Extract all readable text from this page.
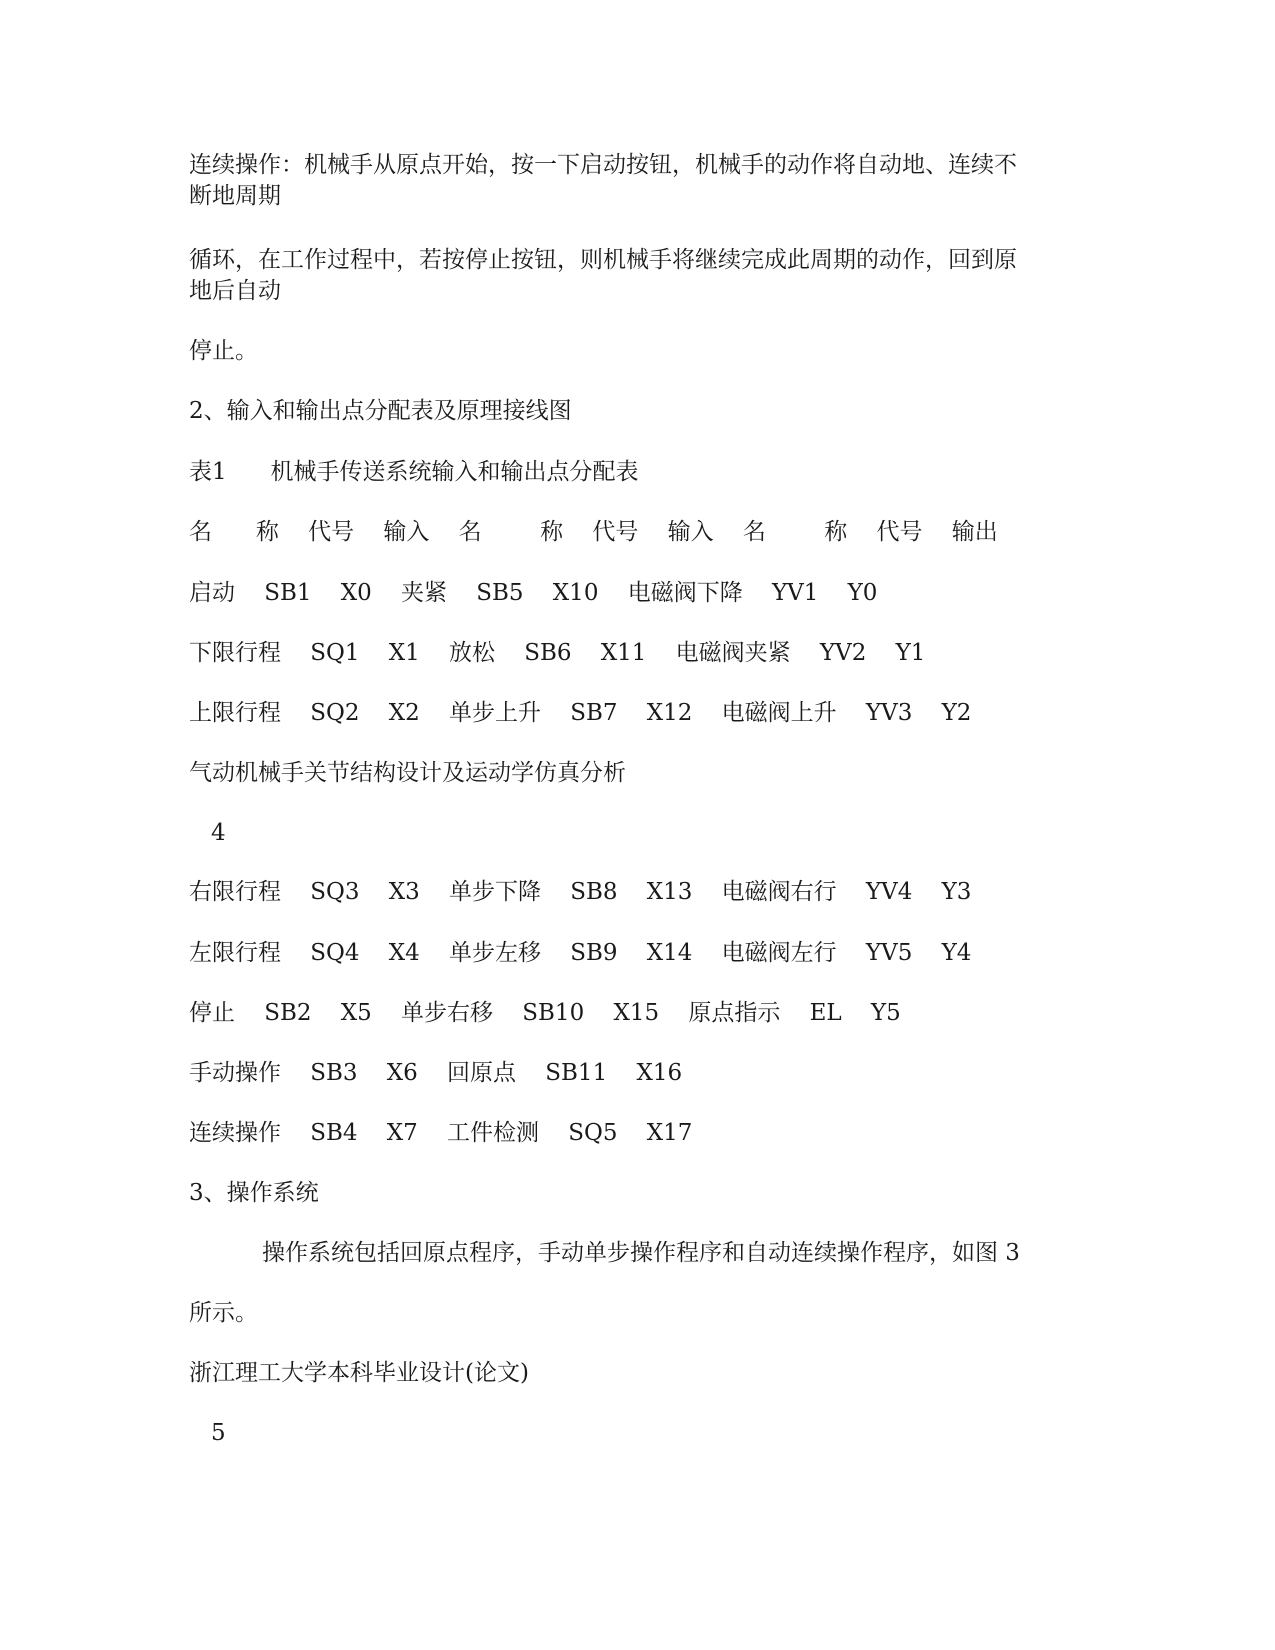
连续操作：机械手从原点开始，按一下启动按钮，机械手的动作将自动地、连续不
断地周期
循环，在工作过程中，若按停止按钮，则机械手将继续完成此周期的动作，回到原
地后自动
停止。
2、输入和输出点分配表及原理接线图
表1      机械手传送系统输入和输出点分配表
名      称    代号    输入    名        称    代号    输入    名        称    代号    输出
启动    SB1    X0    夹紧    SB5    X10    电磁阀下降    YV1    Y0
下限行程    SQ1    X1    放松    SB6    X11    电磁阀夹紧    YV2    Y1
上限行程    SQ2    X2    单步上升    SB7    X12    电磁阀上升    YV3    Y2
气动机械手关节结构设计及运动学仿真分析
4
右限行程    SQ3    X3    单步下降    SB8    X13    电磁阀右行    YV4    Y3
左限行程    SQ4    X4    单步左移    SB9    X14    电磁阀左行    YV5    Y4
停止    SB2    X5    单步右移    SB10    X15    原点指示    EL    Y5
手动操作    SB3    X6    回原点    SB11    X16
连续操作    SB4    X7    工件检测    SQ5    X17
3、操作系统
操作系统包括回原点程序，手动单步操作程序和自动连续操作程序，如图 3
所示。
浙江理工大学本科毕业设计(论文)
5
